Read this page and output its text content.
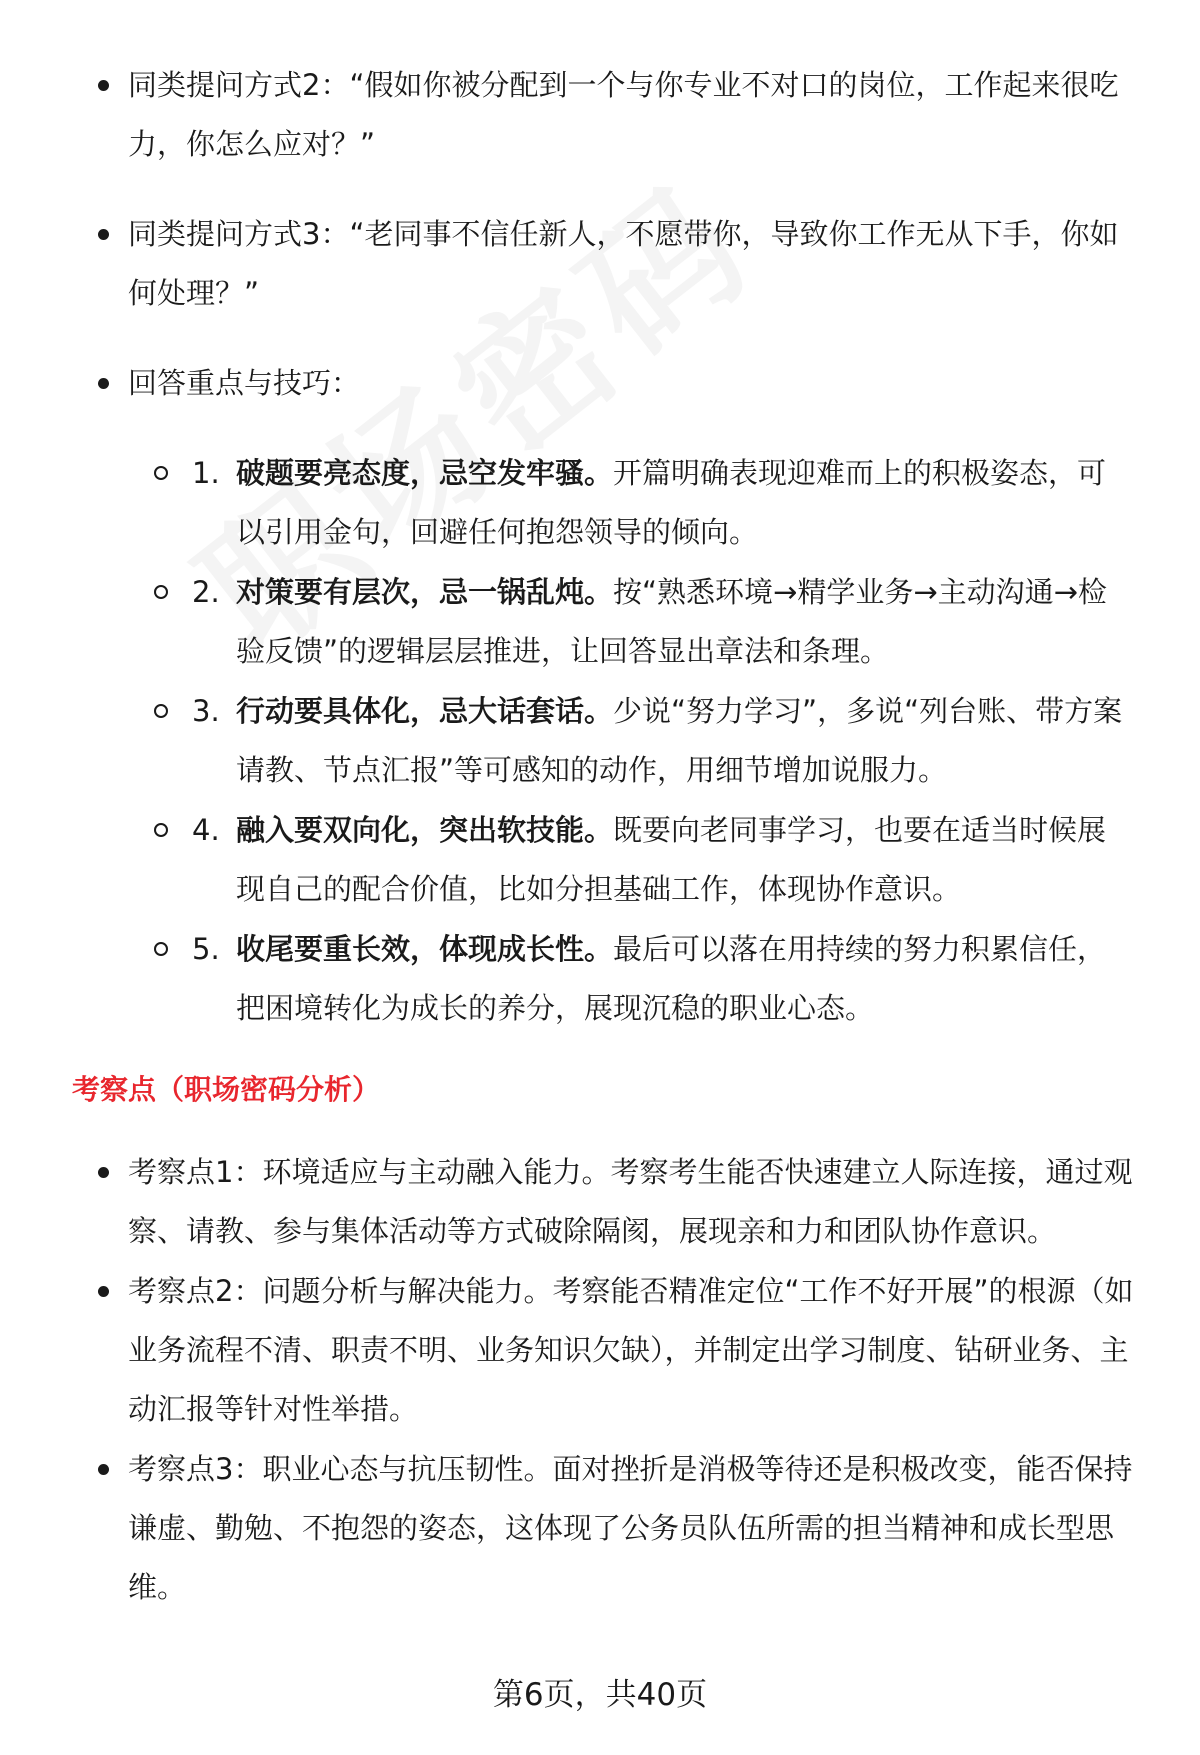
同类提问方式2：“假如你被分配到一个与你专业不对口的岗位，工作起来很吃力，你怎么应对？”
同类提问方式3：“老同事不信任新人，不愿带你，导致你工作无从下手，你如何处理？”
回答重点与技巧：
1. 破题要亮态度，忌空发牢骚。开篇明确表现迎难而上的积极姿态，可以引用金句，回避任何抱怨领导的倾向。
2. 对策要有层次，忌一锅乱炖。按“熟悉环境→精学业务→主动沟通→检验反馈”的逻辑层层推进，让回答显出章法和条理。
3. 行动要具体化，忌大话套话。少说“努力学习”，多说“列台账、带方案请教、节点汇报”等可感知的动作，用细节增加说服力。
4. 融入要双向化，突出软技能。既要向老同事学习，也要在适当时候展现自己的配合价值，比如分担基础工作，体现协作意识。
5. 收尾要重长效，体现成长性。最后可以落在用持续的努力积累信任，把困境转化为成长的养分，展现沉稳的职业心态。
考察点（职场密码分析）
考察点1：环境适应与主动融入能力。考察考生能否快速建立人际连接，通过观察、请教、参与集体活动等方式破除隔阂，展现亲和力和团队协作意识。
考察点2：问题分析与解决能力。考察能否精准定位“工作不好开展”的根源（如业务流程不清、职责不明、业务知识欠缺），并制定出学习制度、钻研业务、主动汇报等针对性举措。
考察点3：职业心态与抗压韧性。面对挫折是消极等待还是积极改变，能否保持谦虚、勤勉、不抱怨的姿态，这体现了公务员队伍所需的担当精神和成长型思维。
第6页，共40页
